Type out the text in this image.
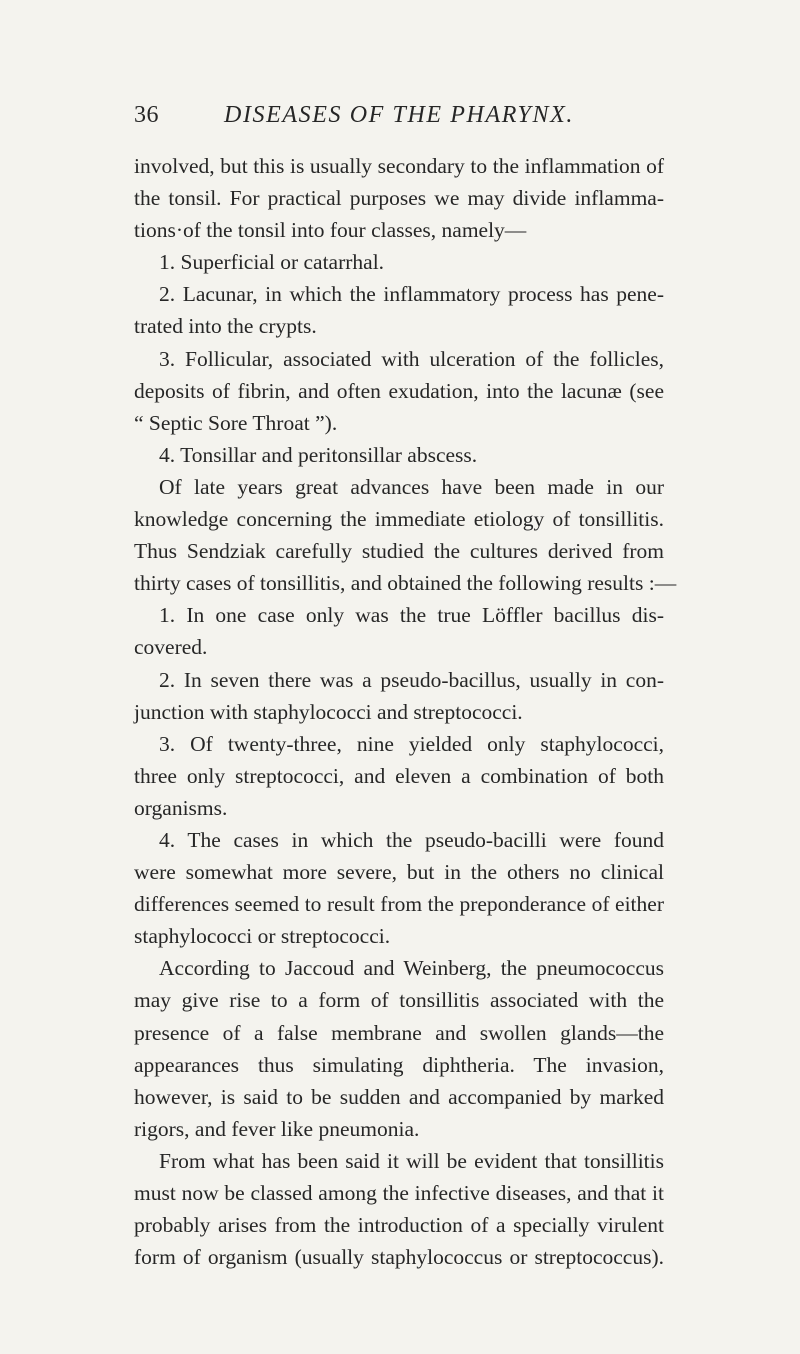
36	DISEASES OF THE PHARYNX.
involved, but this is usually secondary to the inflammation of
the tonsil. For practical purposes we may divide inflamma-
tions·of the tonsil into four classes, namely—
1. Superficial or catarrhal.
2. Lacunar, in which the inflammatory process has pene-
trated into the crypts.
3. Follicular, associated with ulceration of the follicles,
deposits of fibrin, and often exudation, into the lacunæ (see
“ Septic Sore Throat ”).
4. Tonsillar and peritonsillar abscess.
Of late years great advances have been made in our
knowledge concerning the immediate etiology of tonsillitis.
Thus Sendziak carefully studied the cultures derived from
thirty cases of tonsillitis, and obtained the following results :—
1. In one case only was the true Löffler bacillus dis-
covered.
2. In seven there was a pseudo-bacillus, usually in con-
junction with staphylococci and streptococci.
3. Of twenty-three, nine yielded only staphylococci,
three only streptococci, and eleven a combination of both
organisms.
4. The cases in which the pseudo-bacilli were found
were somewhat more severe, but in the others no clinical
differences seemed to result from the preponderance of either
staphylococci or streptococci.
According to Jaccoud and Weinberg, the pneumococcus
may give rise to a form of tonsillitis associated with the
presence of a false membrane and swollen glands—the
appearances thus simulating diphtheria. The invasion,
however, is said to be sudden and accompanied by marked
rigors, and fever like pneumonia.
From what has been said it will be evident that tonsillitis
must now be classed among the infective diseases, and that it
probably arises from the introduction of a specially virulent
form of organism (usually staphylococcus or streptococcus).
